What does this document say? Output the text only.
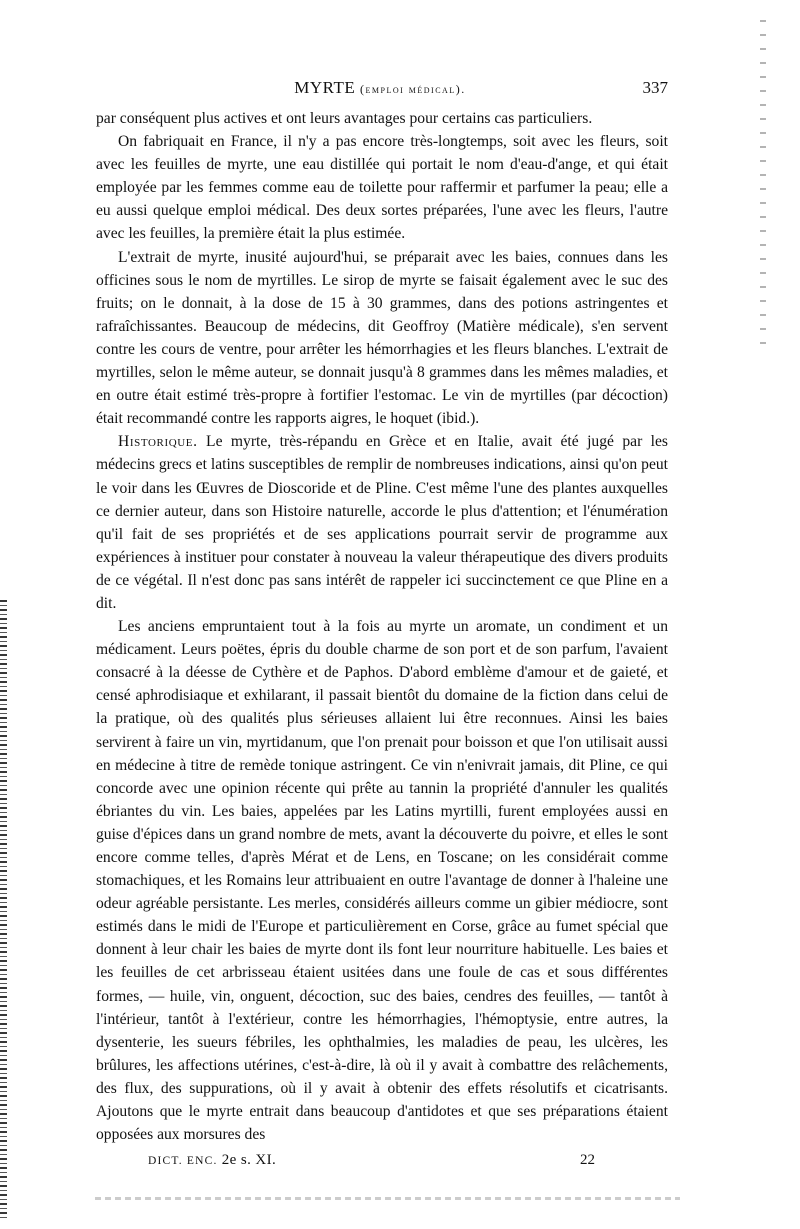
MYRTE (emploi médical).	337

par conséquent plus actives et ont leurs avantages pour certains cas particuliers.

On fabriquait en France, il n'y a pas encore très-longtemps, soit avec les fleurs, soit avec les feuilles de myrte, une eau distillée qui portait le nom d'eau-d'ange, et qui était employée par les femmes comme eau de toilette pour raffermir et parfumer la peau; elle a eu aussi quelque emploi médical. Des deux sortes préparées, l'une avec les fleurs, l'autre avec les feuilles, la première était la plus estimée.

L'extrait de myrte, inusité aujourd'hui, se préparait avec les baies, connues dans les officines sous le nom de myrtilles. Le sirop de myrte se faisait également avec le suc des fruits; on le donnait, à la dose de 15 à 30 grammes, dans des potions astringentes et rafraîchissantes. Beaucoup de médecins, dit Geoffroy (Matière médicale), s'en servent contre les cours de ventre, pour arrêter les hémorrhagies et les fleurs blanches. L'extrait de myrtilles, selon le même auteur, se donnait jusqu'à 8 grammes dans les mêmes maladies, et en outre était estimé très-propre à fortifier l'estomac. Le vin de myrtilles (par décoction) était recommandé contre les rapports aigres, le hoquet (ibid.).

Historique. Le myrte, très-répandu en Grèce et en Italie, avait été jugé par les médecins grecs et latins susceptibles de remplir de nombreuses indications, ainsi qu'on peut le voir dans les Œuvres de Dioscoride et de Pline. C'est même l'une des plantes auxquelles ce dernier auteur, dans son Histoire naturelle, accorde le plus d'attention; et l'énumération qu'il fait de ses propriétés et de ses applications pourrait servir de programme aux expériences à instituer pour constater à nouveau la valeur thérapeutique des divers produits de ce végétal. Il n'est donc pas sans intérêt de rappeler ici succinctement ce que Pline en a dit.

Les anciens empruntaient tout à la fois au myrte un aromate, un condiment et un médicament. Leurs poëtes, épris du double charme de son port et de son parfum, l'avaient consacré à la déesse de Cythère et de Paphos. D'abord emblème d'amour et de gaieté, et censé aphrodisiaque et exhilarant, il passait bientôt du domaine de la fiction dans celui de la pratique, où des qualités plus sérieuses allaient lui être reconnues. Ainsi les baies servirent à faire un vin, myrtidanum, que l'on prenait pour boisson et que l'on utilisait aussi en médecine à titre de remède tonique astringent. Ce vin n'enivrait jamais, dit Pline, ce qui concorde avec une opinion récente qui prête au tannin la propriété d'annuler les qualités ébriantes du vin. Les baies, appelées par les Latins myrtilli, furent employées aussi en guise d'épices dans un grand nombre de mets, avant la découverte du poivre, et elles le sont encore comme telles, d'après Mérat et de Lens, en Toscane; on les considérait comme stomachiques, et les Romains leur attribuaient en outre l'avantage de donner à l'haleine une odeur agréable persistante. Les merles, considérés ailleurs comme un gibier médiocre, sont estimés dans le midi de l'Europe et particulièrement en Corse, grâce au fumet spécial que donnent à leur chair les baies de myrte dont ils font leur nourriture habituelle. Les baies et les feuilles de cet arbrisseau étaient usitées dans une foule de cas et sous différentes formes, — huile, vin, onguent, décoction, suc des baies, cendres des feuilles, — tantôt à l'intérieur, tantôt à l'extérieur, contre les hémorrhagies, l'hémoptysie, entre autres, la dysenterie, les sueurs fébriles, les ophthalmies, les maladies de peau, les ulcères, les brûlures, les affections utérines, c'est-à-dire, là où il y avait à combattre des relâchements, des flux, des suppurations, où il y avait à obtenir des effets résolutifs et cicatrisants. Ajoutons que le myrte entrait dans beaucoup d'antidotes et que ses préparations étaient opposées aux morsures des

DICT. ENC. 2e s. XI.	22
